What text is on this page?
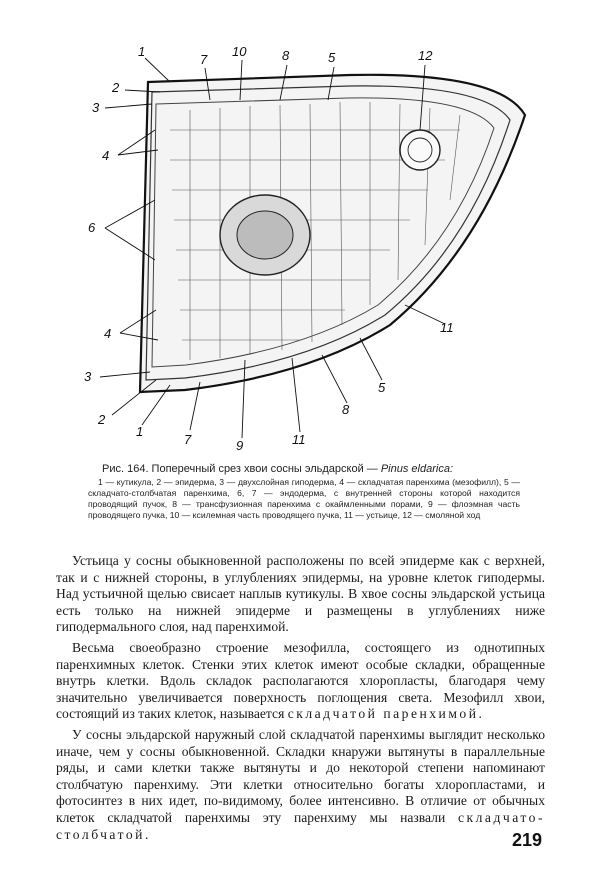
1
2
3
4
6
4
3
2
1
7	9	11
8
5
11
12
5
8
10
7
Рис. 164. Поперечный срез хвои сосны эльдарской — Pinus eldarica:
1 — кутикула, 2 — эпидерма, 3 — двухслойная гиподерма, 4 — складчатая паренхима (мезофилл), 5 — складчато-столбчатая паренхима, 6, 7 — эндодерма, с внутренней стороны которой находится проводящий пучок, 8 — трансфузионная паренхима с окаймленными порами, 9 — флоэмная часть проводящего пучка, 10 — ксилемная часть проводящего пучка, 11 — устьице, 12 — смоляной ход

Устьица у сосны обыкновенной расположены по всей эпидерме как с верхней, так и с нижней стороны, в углублениях эпидермы, на уровне клеток гиподермы. Над устьичной щелью свисает наплыв кутикулы. В хвое сосны эльдарской устьица есть только на нижней эпидерме и размещены в углублениях ниже гиподермального слоя, над паренхимой.

Весьма своеобразно строение мезофилла, состоящего из однотипных паренхимных клеток. Стенки этих клеток имеют особые складки, обращенные внутрь клетки. Вдоль складок располагаются хлоропласты, благодаря чему значительно увеличивается поверхность поглощения света. Мезофилл хвои, состоящий из таких клеток, называется складчатой паренхимой.

У сосны эльдарской наружный слой складчатой паренхимы выглядит несколько иначе, чем у сосны обыкновенной. Складки кнаружи вытянуты в параллельные ряды, и сами клетки также вытянуты и до некоторой степени напоминают столбчатую паренхиму. Эти клетки относительно богаты хлоропластами, и фотосинтез в них идет, по-видимому, более интенсивно. В отличие от обычных клеток складчатой паренхимы эту паренхиму мы назвали складчато-столбчатой.	219
